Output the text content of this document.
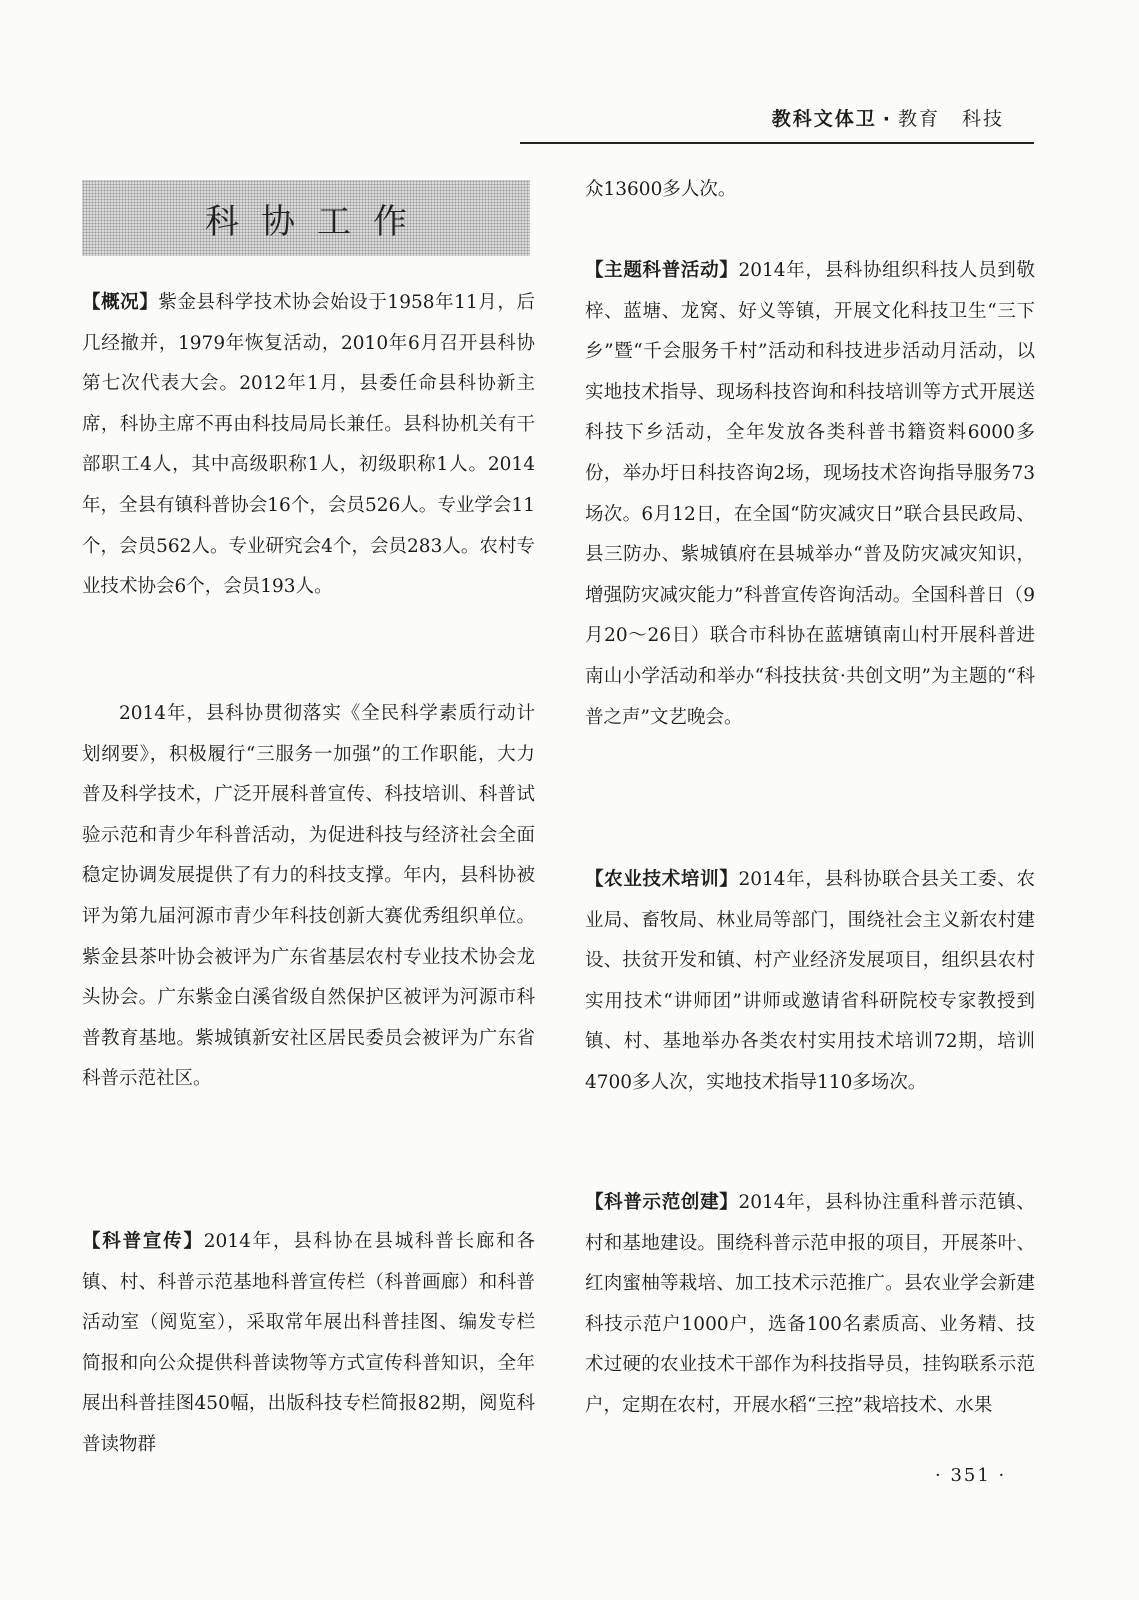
教科文体卫 · 教育 科技
科协工作

【概况】紫金县科学技术协会始设于1958年11月，后几经撤并，1979年恢复活动，2010年6月召开县科协第七次代表大会。2012年1月，县委任命县科协新主席，科协主席不再由科技局局长兼任。县科协机关有干部职工4人，其中高级职称1人，初级职称1人。2014年，全县有镇科普协会16个，会员526人。专业学会11个，会员562人。专业研究会4个，会员283人。农村专业技术协会6个，会员193人。

2014年，县科协贯彻落实《全民科学素质行动计划纲要》，积极履行“三服务一加强”的工作职能，大力普及科学技术，广泛开展科普宣传、科技培训、科普试验示范和青少年科普活动，为促进科技与经济社会全面稳定协调发展提供了有力的科技支撑。年内，县科协被评为第九届河源市青少年科技创新大赛优秀组织单位。紫金县茶叶协会被评为广东省基层农村专业技术协会龙头协会。广东紫金白溪省级自然保护区被评为河源市科普教育基地。紫城镇新安社区居民委员会被评为广东省科普示范社区。

【科普宣传】2014年，县科协在县城科普长廊和各镇、村、科普示范基地科普宣传栏（科普画廊）和科普活动室（阅览室），采取常年展出科普挂图、编发专栏简报和向公众提供科普读物等方式宣传科普知识，全年展出科普挂图450幅，出版科技专栏简报82期，阅览科普读物群

众13600多人次。

【主题科普活动】2014年，县科协组织科技人员到敬梓、蓝塘、龙窝、好义等镇，开展文化科技卫生“三下乡”暨“千会服务千村”活动和科技进步活动月活动，以实地技术指导、现场科技咨询和科技培训等方式开展送科技下乡活动，全年发放各类科普书籍资料6000多份，举办圩日科技咨询2场，现场技术咨询指导服务73场次。6月12日，在全国“防灾减灾日”联合县民政局、县三防办、紫城镇府在县城举办“普及防灾减灾知识，增强防灾减灾能力”科普宣传咨询活动。全国科普日（9月20～26日）联合市科协在蓝塘镇南山村开展科普进南山小学活动和举办“科技扶贫·共创文明”为主题的“科普之声”文艺晚会。

【农业技术培训】2014年，县科协联合县关工委、农业局、畜牧局、林业局等部门，围绕社会主义新农村建设、扶贫开发和镇、村产业经济发展项目，组织县农村实用技术“讲师团”讲师或邀请省科研院校专家教授到镇、村、基地举办各类农村实用技术培训72期，培训4700多人次，实地技术指导110多场次。

【科普示范创建】2014年，县科协注重科普示范镇、村和基地建设。围绕科普示范申报的项目，开展茶叶、红肉蜜柚等栽培、加工技术示范推广。县农业学会新建科技示范户1000户，选备100名素质高、业务精、技术过硬的农业技术干部作为科技指导员，挂钩联系示范户，定期在农村，开展水稻“三控”栽培技术、水果

· 351 ·
